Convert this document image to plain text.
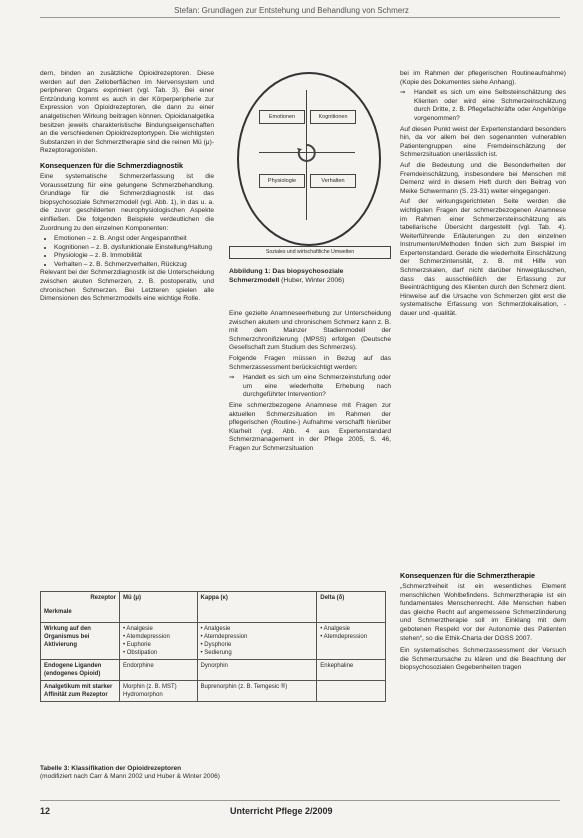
Stefan: Grundlagen zur Entstehung und Behandlung von Schmerz

dern, binden an zusätzliche Opioidrezeptoren. Diese werden auf den Zelloberflächen im Nervensystem und peripheren Organs exprimiert (vgl. Tab. 3). Bei einer Entzündung kommt es auch in der Körperperipherie zur Expression von Opioidrezeptoren, die dann zu einer analgetischen Wirkung beitragen können. Opioidanalgetika besitzen jeweils charakteristische Bindungseigenschaften an die verschiedenen Opioidrezeptortypen. Die wichtigsten Substanzen in der Schmerztherapie sind die reinen Mü (μ)-Rezeptoragonisten.

Konsequenzen für die Schmerzdiagnostik

Eine systematische Schmerzerfassung ist die Voraussetzung für eine gelungene Schmerzbehandlung. Grundlage für die Schmerzdiagnostik ist das biopsychosoziale Schmerzmodell (vgl. Abb. 1), in das u. a. die zuvor geschilderten neurophysiologischen Aspekte einfließen. Die folgenden Beispiele verdeutlichen die Zuordnung zu den einzelnen Komponenten:

• Emotionen – z. B. Angst oder Angespanntheit
• Kognitionen – z. B. dysfunktionale Einstellung/Haltung
• Physiologie – z. B. Immobilität
• Verhalten – z. B. Schmerzverhalten, Rückzug

Relevant bei der Schmerzdiagnostik ist die Unterscheidung zwischen akuten Schmerzen, z. B. postoperativ, und chronischen Schmerzen. Bei Letzteren spielen alle Dimensionen des Schmerzmodells eine wichtige Rolle.

Emotionen	Kognitionen
Physiologie	Verhalten
Soziales und wirtschaftliche Umwelten
Abbildung 1: Das biopsychosoziale Schmerzmodell (Huber, Winter 2006)

Eine gezielte Anamneseerhebung zur Unterscheidung zwischen akutem und chronischem Schmerz kann z. B. mit dem Mainzer Stadienmodell der Schmerzchronifizierung (MPSS) erfolgen (Deutsche Gesellschaft zum Studium des Schmerzes).

Folgende Fragen müssen in Bezug auf das Schmerzassessment berücksichtigt werden:

⇒	Handelt es sich um eine Schmerzeinstufung oder um eine wiederholte Erhebung nach durchgeführter Intervention?

Eine schmerzbezogene Anamnese mit Fragen zur aktuellen Schmerzsituation im Rahmen der pflegerischen (Routine-) Aufnahme verschafft hierüber Klarheit (vgl. Abb. 4 aus Expertenstandard Schmerzmanagement in der Pflege 2005, S. 46, Fragen zur Schmerzsituation

bei im Rahmen der pflegerischen Routineaufnahme) (Kopie des Dokumentes siehe Anhang).

⇒	Handelt es sich um eine Selbsteinschätzung des Klienten oder wird eine Schmerzeinschätzung durch Dritte, z. B. Pflegefachkräfte oder Angehörige vorgenommen?

Auf diesen Punkt weist der Expertenstandard besonders hin, da vor allem bei den sogenannten vulnerablen Patientengruppen eine Fremdeinschätzung der Schmerzsituation unerlässlich ist.

Auf die Bedeutung und die Besonderheiten der Fremdeinschätzung, insbesondere bei Menschen mit Demenz wird in diesem Heft durch den Beitrag von Meike Schwermann (S. 23-31) weiter eingegangen.

Auf der wirkungsgerichteten Seite werden die wichtigsten Fragen der schmerzbezogenen Anamnese im Rahmen einer Schmerzersteinschätzung als tabellarische Übersicht dargestellt (vgl. Tab. 4). Weiterführende Erläuterungen zu den einzelnen Instrumenten/Methoden finden sich zum Beispiel im Expertenstandard. Gerade die wiederholte Einschätzung der Schmerzintensität, z. B. mit Hilfe von Schmerzskalen, darf nicht darüber hinwegtäuschen, dass das ausschließlich der Erfassung zur Beeinträchtigung des Klienten durch den Schmerz dient. Hinweise auf die Ursache von Schmerzen gibt erst die systematische Erfassung von Schmerzlokalisation, -dauer und -qualität.

Konsequenzen für die Schmerztherapie

„Schmerzfreiheit ist ein wesentliches Element menschlichen Wohlbefindens. Schmerztherapie ist ein fundamentales Menschenrecht. Alle Menschen haben das gleiche Recht auf angemessene Schmerzlinderung und Schmerztherapie soll im Einklang mit dem gebotenen Respekt vor der Autonomie des Patienten stehen“, so die Ethik-Charta der DGSS 2007.

Ein systematisches Schmerzassessment der Versuch die Schmerzursache zu klären und die Beachtung der biopsychosozialen Gegebenheiten tragen

Rezeptor
Merkmale	Mü (μ)	Kappa (κ)	Delta (δ)
Wirkung auf den Organismus bei Aktivierung	• Analgesie
• Atemdepression
• Euphorie
• Obstipation	• Analgesie
• Atemdepression
• Dysphorie
• Sedierung	• Analgesie
• Atemdepression
Endogene Liganden (endogenes Opioid)	Endorphine	Dynorphin	Enkephaline
Analgetikum mit starker Affinität zum Rezeptor	Morphin (z. B. MST)
Hydromorphon	Buprenorphin (z. B. Temgesic ®)	
Tabelle 3: Klassifikation der Opioidrezeptoren
(modifiziert nach Carr & Mann 2002 und Huber & Winter 2006)
12	Unterricht Pflege 2/2009
